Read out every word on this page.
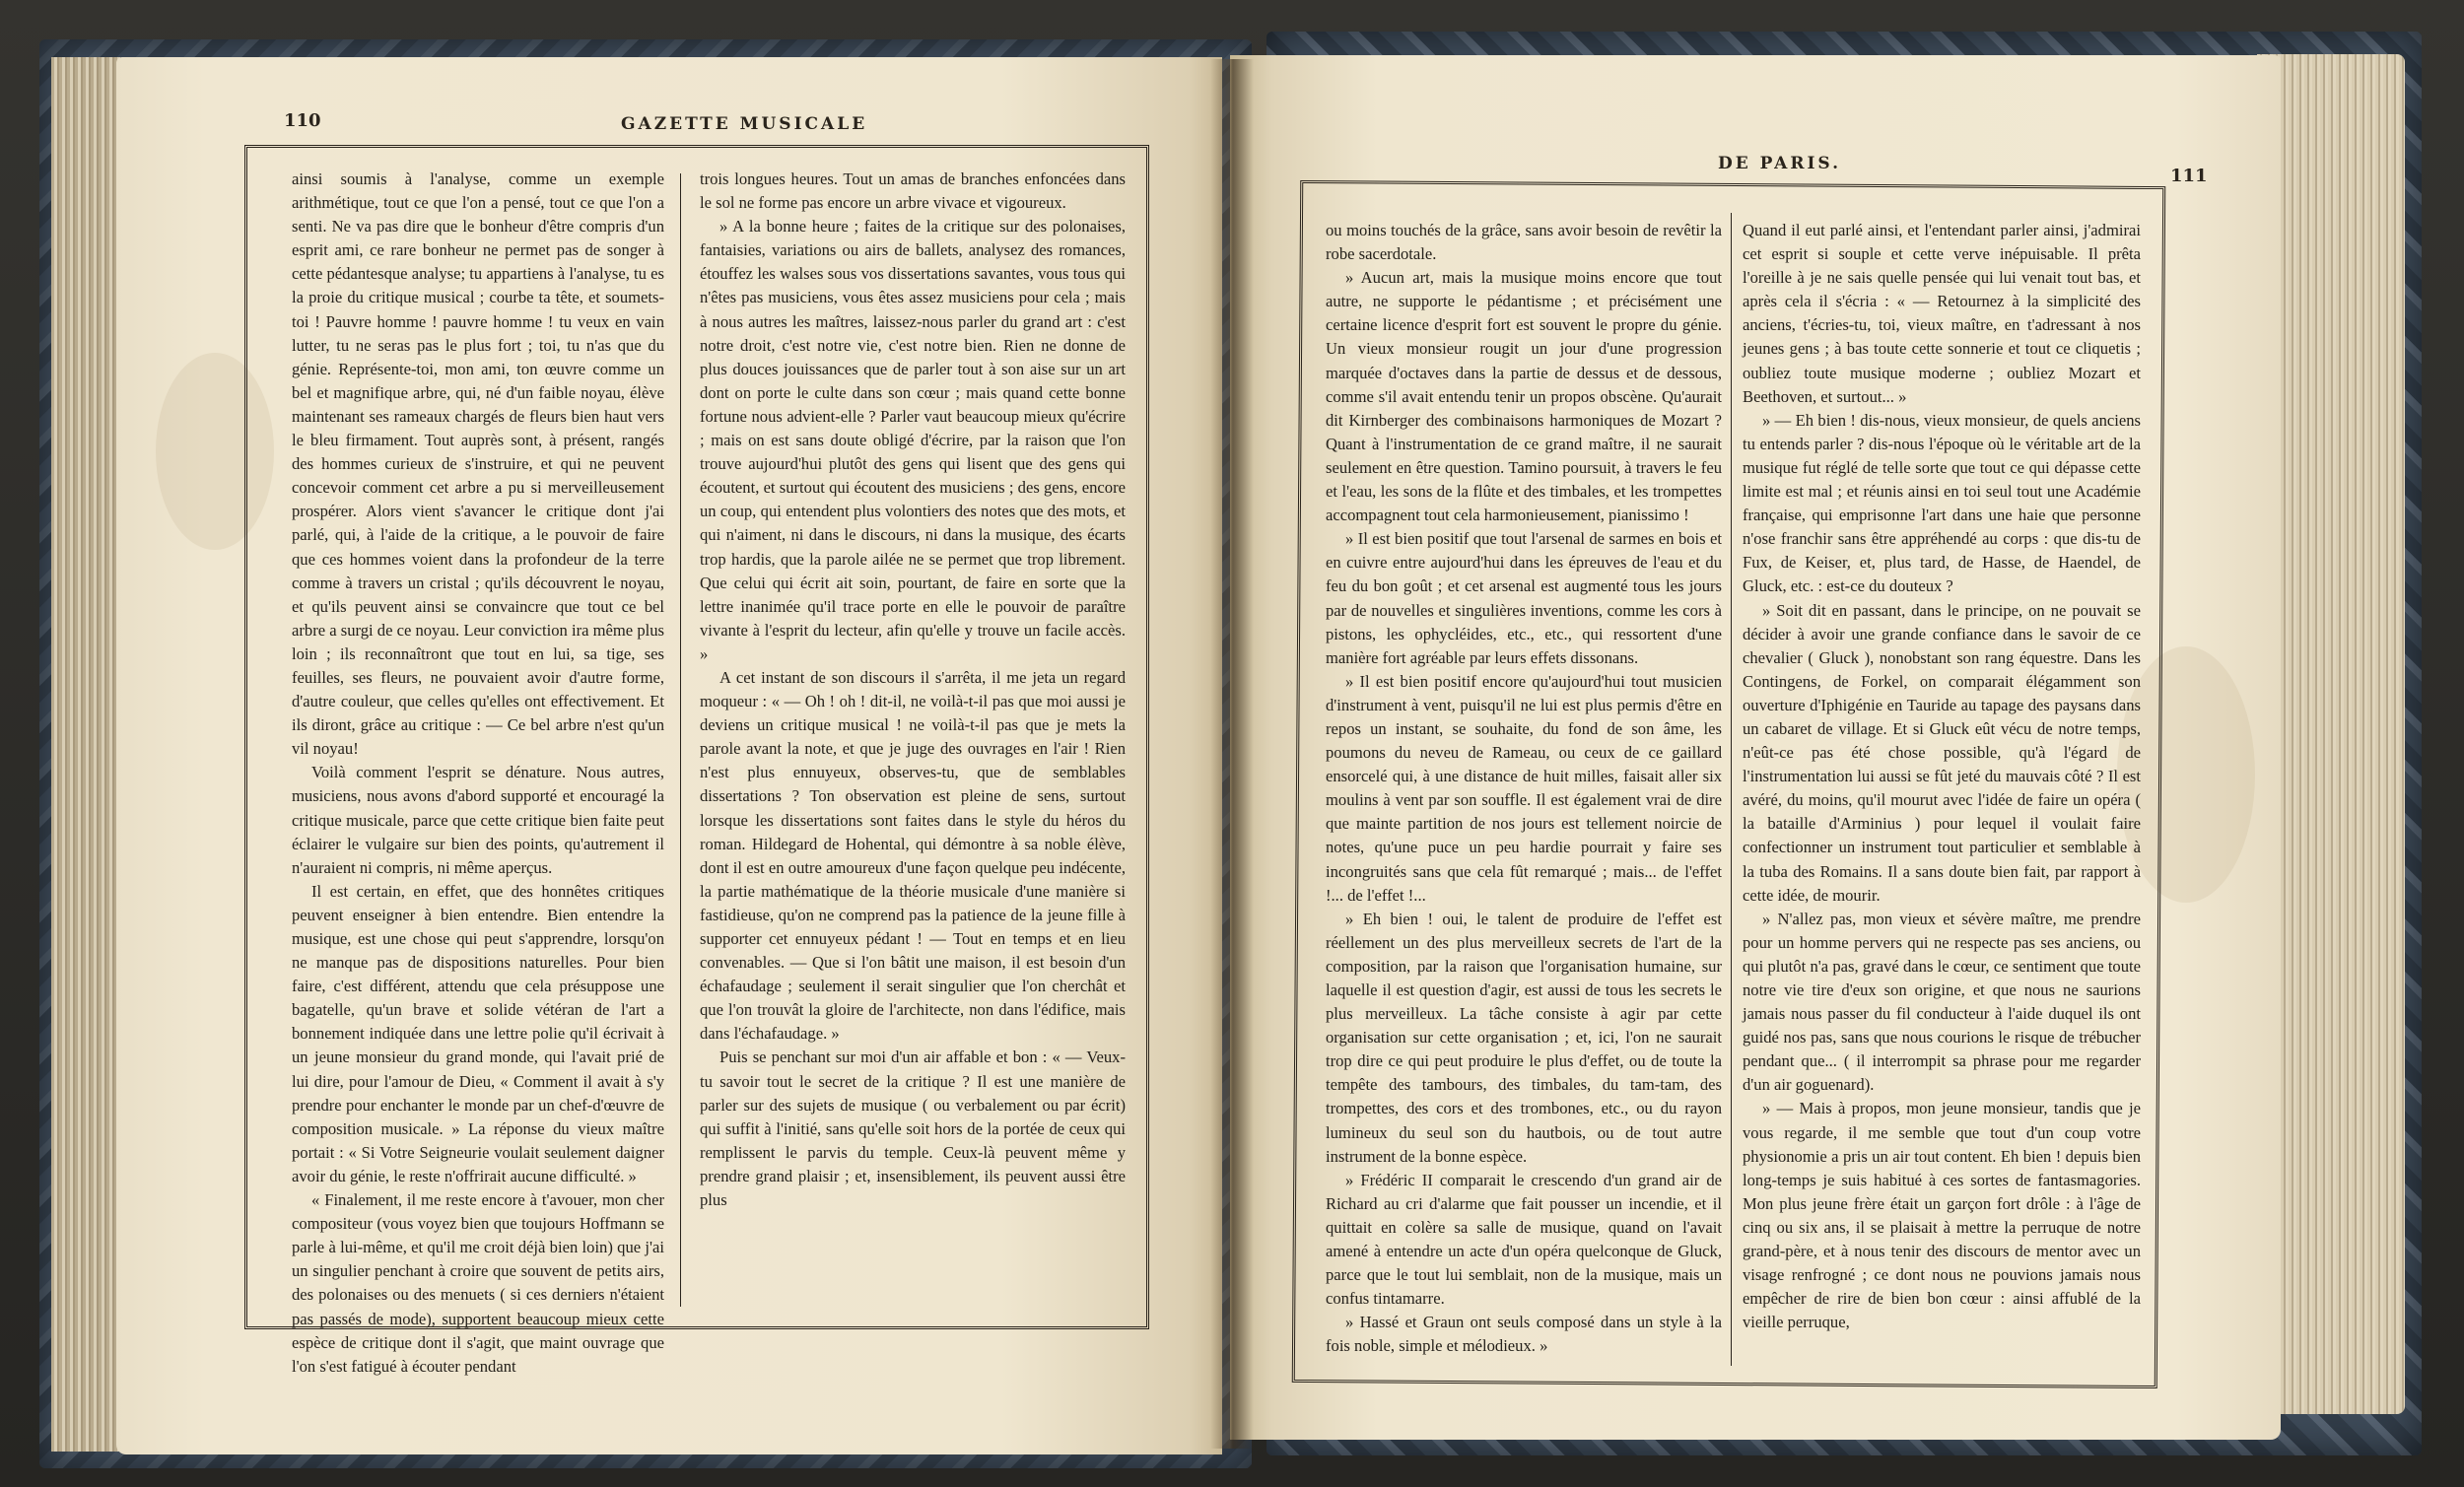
110	GAZETTE MUSICALE
DE PARIS.
111

ainsi soumis à l'analyse, comme un exemple arithmétique, tout ce que l'on a pensé, tout ce que l'on a senti. Ne va pas dire que le bonheur d'être compris d'un esprit ami, ce rare bonheur ne permet pas de songer à cette pédantesque analyse; tu appartiens à l'analyse, tu es la proie du critique musical ; courbe ta tête, et soumets-toi ! Pauvre homme ! pauvre homme ! tu veux en vain lutter, tu ne seras pas le plus fort ; toi, tu n'as que du génie. Représente-toi, mon ami, ton œuvre comme un bel et magnifique arbre, qui, né d'un faible noyau, élève maintenant ses rameaux chargés de fleurs bien haut vers le bleu firmament. Tout auprès sont, à présent, rangés des hommes curieux de s'instruire, et qui ne peuvent concevoir comment cet arbre a pu si merveilleusement prospérer. Alors vient s'avancer le critique dont j'ai parlé, qui, à l'aide de la critique, a le pouvoir de faire que ces hommes voient dans la profondeur de la terre comme à travers un cristal ; qu'ils découvrent le noyau, et qu'ils peuvent ainsi se convaincre que tout ce bel arbre a surgi de ce noyau. Leur conviction ira même plus loin ; ils reconnaîtront que tout en lui, sa tige, ses feuilles, ses fleurs, ne pouvaient avoir d'autre forme, d'autre couleur, que celles qu'elles ont effectivement. Et ils diront, grâce au critique : — Ce bel arbre n'est qu'un vil noyau!

Voilà comment l'esprit se dénature. Nous autres, musiciens, nous avons d'abord supporté et encouragé la critique musicale, parce que cette critique bien faite peut éclairer le vulgaire sur bien des points, qu'autrement il n'auraient ni compris, ni même aperçus.

Il est certain, en effet, que des honnêtes critiques peuvent enseigner à bien entendre. Bien entendre la musique, est une chose qui peut s'apprendre, lorsqu'on ne manque pas de dispositions naturelles. Pour bien faire, c'est différent, attendu que cela présuppose une bagatelle, qu'un brave et solide vétéran de l'art a bonnement indiquée dans une lettre polie qu'il écrivait à un jeune monsieur du grand monde, qui l'avait prié de lui dire, pour l'amour de Dieu, « Comment il avait à s'y prendre pour enchanter le monde par un chef-d'œuvre de composition musicale. » La réponse du vieux maître portait : « Si Votre Seigneurie voulait seulement daigner avoir du génie, le reste n'offrirait aucune difficulté. »

« Finalement, il me reste encore à t'avouer, mon cher compositeur (vous voyez bien que toujours Hoffmann se parle à lui-même, et qu'il me croit déjà bien loin) que j'ai un singulier penchant à croire que souvent de petits airs, des polonaises ou des menuets ( si ces derniers n'étaient pas passés de mode), supportent beaucoup mieux cette espèce de critique dont il s'agit, que maint ouvrage que l'on s'est fatigué à écouter pendant

trois longues heures. Tout un amas de branches enfoncées dans le sol ne forme pas encore un arbre vivace et vigoureux.

» A la bonne heure ; faites de la critique sur des polonaises, fantaisies, variations ou airs de ballets, analysez des romances, étouffez les walses sous vos dissertations savantes, vous tous qui n'êtes pas musiciens, vous êtes assez musiciens pour cela ; mais à nous autres les maîtres, laissez-nous parler du grand art : c'est notre droit, c'est notre vie, c'est notre bien. Rien ne donne de plus douces jouissances que de parler tout à son aise sur un art dont on porte le culte dans son cœur ; mais quand cette bonne fortune nous advient-elle ? Parler vaut beaucoup mieux qu'écrire ; mais on est sans doute obligé d'écrire, par la raison que l'on trouve aujourd'hui plutôt des gens qui lisent que des gens qui écoutent, et surtout qui écoutent des musiciens ; des gens, encore un coup, qui entendent plus volontiers des notes que des mots, et qui n'aiment, ni dans le discours, ni dans la musique, des écarts trop hardis, que la parole ailée ne se permet que trop librement. Que celui qui écrit ait soin, pourtant, de faire en sorte que la lettre inanimée qu'il trace porte en elle le pouvoir de paraître vivante à l'esprit du lecteur, afin qu'elle y trouve un facile accès. »

A cet instant de son discours il s'arrêta, il me jeta un regard moqueur : « — Oh ! oh ! dit-il, ne voilà-t-il pas que moi aussi je deviens un critique musical ! ne voilà-t-il pas que je mets la parole avant la note, et que je juge des ouvrages en l'air ! Rien n'est plus ennuyeux, observes-tu, que de semblables dissertations ? Ton observation est pleine de sens, surtout lorsque les dissertations sont faites dans le style du héros du roman. Hildegard de Hohental, qui démontre à sa noble élève, dont il est en outre amoureux d'une façon quelque peu indécente, la partie mathématique de la théorie musicale d'une manière si fastidieuse, qu'on ne comprend pas la patience de la jeune fille à supporter cet ennuyeux pédant ! — Tout en temps et en lieu convenables. — Que si l'on bâtit une maison, il est besoin d'un échafaudage ; seulement il serait singulier que l'on cherchât et que l'on trouvât la gloire de l'architecte, non dans l'édifice, mais dans l'échafaudage. »

Puis se penchant sur moi d'un air affable et bon : « — Veux-tu savoir tout le secret de la critique ? Il est une manière de parler sur des sujets de musique ( ou verbalement ou par écrit) qui suffit à l'initié, sans qu'elle soit hors de la portée de ceux qui remplissent le parvis du temple. Ceux-là peuvent même y prendre grand plaisir ; et, insensiblement, ils peuvent aussi être plus

ou moins touchés de la grâce, sans avoir besoin de revêtir la robe sacerdotale.

» Aucun art, mais la musique moins encore que tout autre, ne supporte le pédantisme ; et précisément une certaine licence d'esprit fort est souvent le propre du génie. Un vieux monsieur rougit un jour d'une progression marquée d'octaves dans la partie de dessus et de dessous, comme s'il avait entendu tenir un propos obscène. Qu'aurait dit Kirnberger des combinaisons harmoniques de Mozart ? Quant à l'instrumentation de ce grand maître, il ne saurait seulement en être question. Tamino poursuit, à travers le feu et l'eau, les sons de la flûte et des timbales, et les trompettes accompagnent tout cela harmonieusement, pianissimo !

» Il est bien positif que tout l'arsenal de sarmes en bois et en cuivre entre aujourd'hui dans les épreuves de l'eau et du feu du bon goût ; et cet arsenal est augmenté tous les jours par de nouvelles et singulières inventions, comme les cors à pistons, les ophycléides, etc., etc., qui ressortent d'une manière fort agréable par leurs effets dissonans.

» Il est bien positif encore qu'aujourd'hui tout musicien d'instrument à vent, puisqu'il ne lui est plus permis d'être en repos un instant, se souhaite, du fond de son âme, les poumons du neveu de Rameau, ou ceux de ce gaillard ensorcelé qui, à une distance de huit milles, faisait aller six moulins à vent par son souffle. Il est également vrai de dire que mainte partition de nos jours est tellement noircie de notes, qu'une puce un peu hardie pourrait y faire ses incongruités sans que cela fût remarqué ; mais... de l'effet !... de l'effet !...

» Eh bien ! oui, le talent de produire de l'effet est réellement un des plus merveilleux secrets de l'art de la composition, par la raison que l'organisation humaine, sur laquelle il est question d'agir, est aussi de tous les secrets le plus merveilleux. La tâche consiste à agir par cette organisation sur cette organisation ; et, ici, l'on ne saurait trop dire ce qui peut produire le plus d'effet, ou de toute la tempête des tambours, des timbales, du tam-tam, des trompettes, des cors et des trombones, etc., ou du rayon lumineux du seul son du hautbois, ou de tout autre instrument de la bonne espèce.

» Frédéric II comparait le crescendo d'un grand air de Richard au cri d'alarme que fait pousser un incendie, et il quittait en colère sa salle de musique, quand on l'avait amené à entendre un acte d'un opéra quelconque de Gluck, parce que le tout lui semblait, non de la musique, mais un confus tintamarre.

» Hassé et Graun ont seuls composé dans un style à la fois noble, simple et mélodieux. »

Quand il eut parlé ainsi, et l'entendant parler ainsi, j'admirai cet esprit si souple et cette verve inépuisable. Il prêta l'oreille à je ne sais quelle pensée qui lui venait tout bas, et après cela il s'écria : « — Retournez à la simplicité des anciens, t'écries-tu, toi, vieux maître, en t'adressant à nos jeunes gens ; à bas toute cette sonnerie et tout ce cliquetis ; oubliez toute musique moderne ; oubliez Mozart et Beethoven, et surtout... »

» — Eh bien ! dis-nous, vieux monsieur, de quels anciens tu entends parler ? dis-nous l'époque où le véritable art de la musique fut réglé de telle sorte que tout ce qui dépasse cette limite est mal ; et réunis ainsi en toi seul tout une Académie française, qui emprisonne l'art dans une haie que personne n'ose franchir sans être appréhendé au corps : que dis-tu de Fux, de Keiser, et, plus tard, de Hasse, de Haendel, de Gluck, etc. : est-ce du douteux ?

» Soit dit en passant, dans le principe, on ne pouvait se décider à avoir une grande confiance dans le savoir de ce chevalier ( Gluck ), nonobstant son rang équestre. Dans les Contingens, de Forkel, on comparait élégamment son ouverture d'Iphigénie en Tauride au tapage des paysans dans un cabaret de village. Et si Gluck eût vécu de notre temps, n'eût-ce pas été chose possible, qu'à l'égard de l'instrumentation lui aussi se fût jeté du mauvais côté ? Il est avéré, du moins, qu'il mourut avec l'idée de faire un opéra ( la bataille d'Arminius ) pour lequel il voulait faire confectionner un instrument tout particulier et semblable à la tuba des Romains. Il a sans doute bien fait, par rapport à cette idée, de mourir.

» N'allez pas, mon vieux et sévère maître, me prendre pour un homme pervers qui ne respecte pas ses anciens, ou qui plutôt n'a pas, gravé dans le cœur, ce sentiment que toute notre vie tire d'eux son origine, et que nous ne saurions jamais nous passer du fil conducteur à l'aide duquel ils ont guidé nos pas, sans que nous courions le risque de trébucher pendant que... ( il interrompit sa phrase pour me regarder d'un air goguenard).

» — Mais à propos, mon jeune monsieur, tandis que je vous regarde, il me semble que tout d'un coup votre physionomie a pris un air tout content. Eh bien ! depuis bien long-temps je suis habitué à ces sortes de fantasmagories. Mon plus jeune frère était un garçon fort drôle : à l'âge de cinq ou six ans, il se plaisait à mettre la perruque de notre grand-père, et à nous tenir des discours de mentor avec un visage renfrogné ; ce dont nous ne pouvions jamais nous empêcher de rire de bien bon cœur : ainsi affublé de la vieille perruque,
